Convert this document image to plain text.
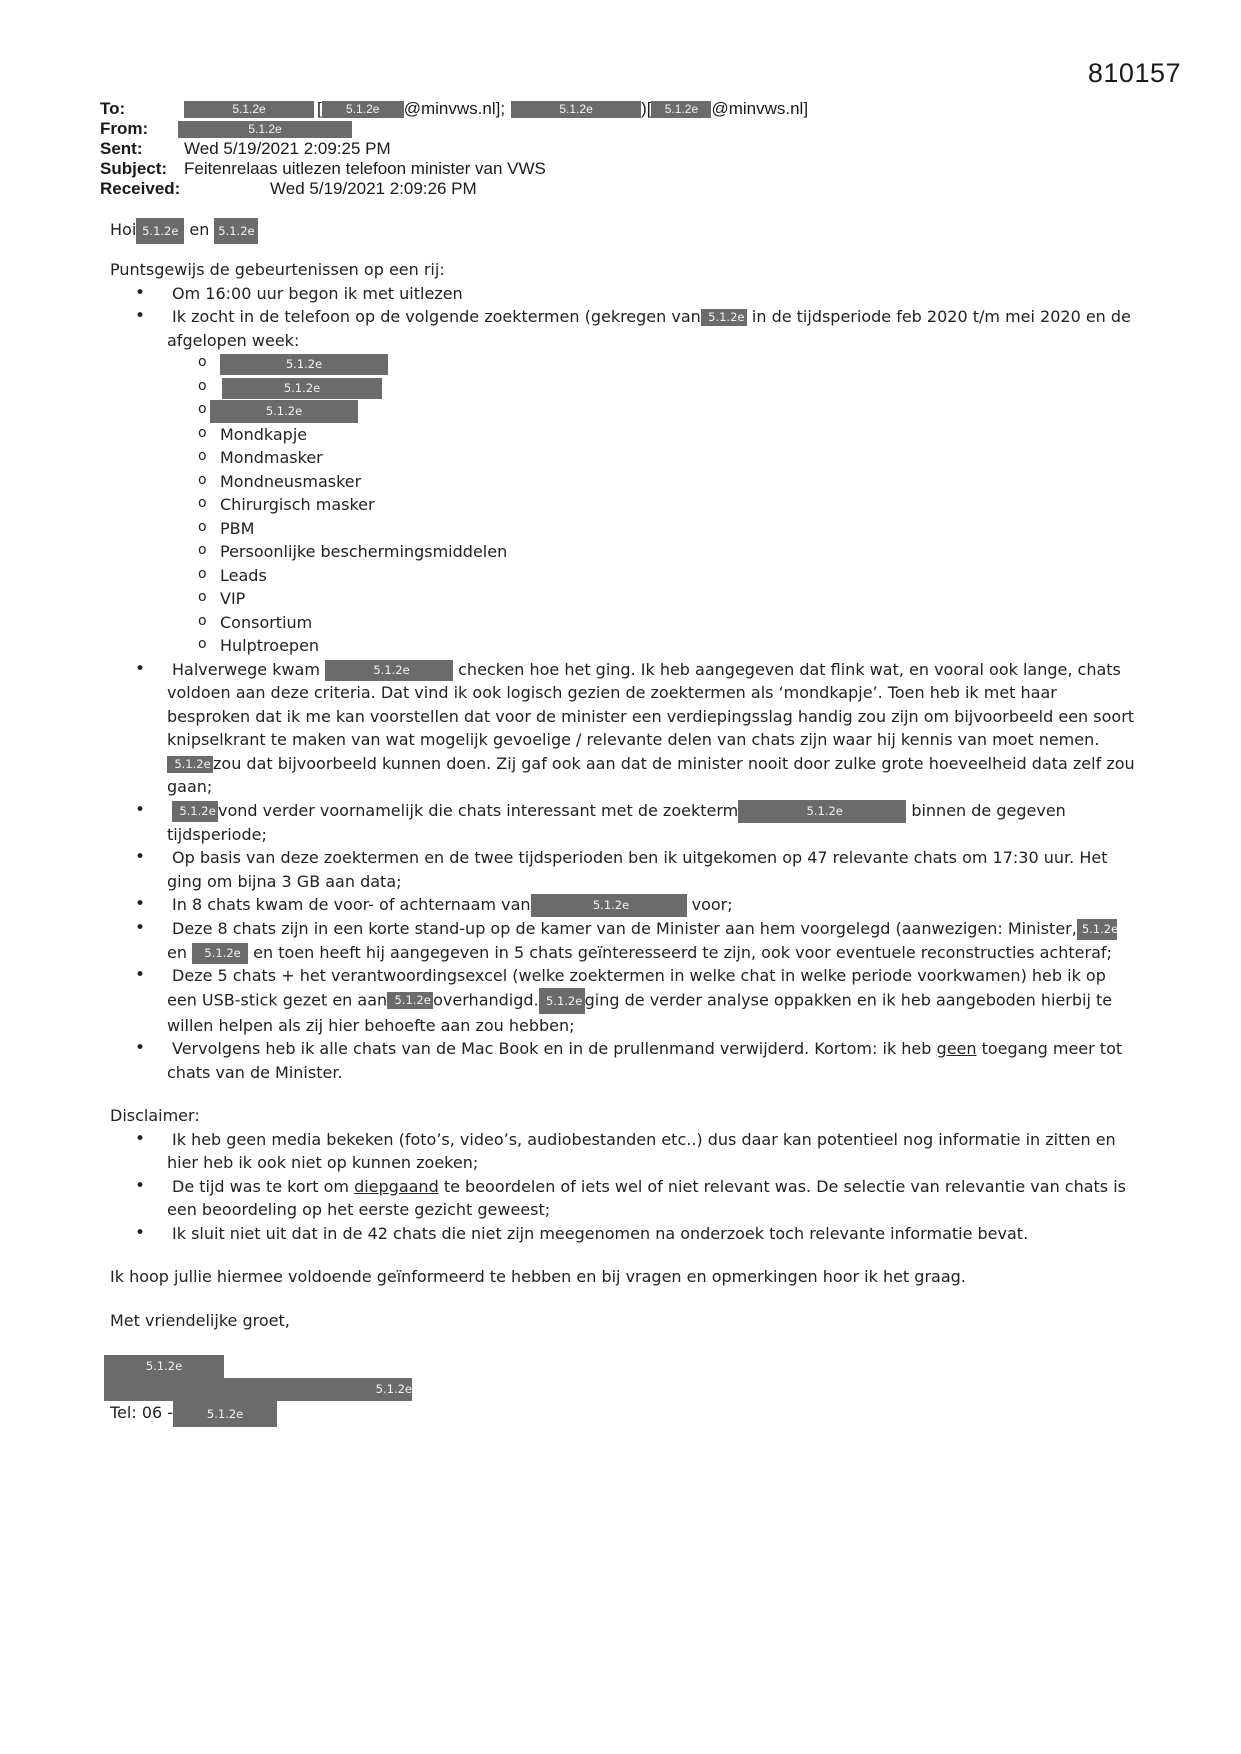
810157
To:	5.1.2e	[	5.1.2e	@minvws.nl];	5.1.2e	)[	5.1.2e @minvws.nl]
From:	5.1.2e
Sent:	Wed 5/19/2021 2:09:25 PM
Subject: Feitenrelaas uitlezen telefoon minister van VWS
Received:	Wed 5/19/2021 2:09:26 PM

Hoi 5.1.2e en 5.1.2e

Puntsgewijs de gebeurtenissen op een rij:

• Om 16:00 uur begon ik met uitlezen
• Ik zocht in de telefoon op de volgende zoektermen (gekregen van 5.1.2e in de tijdsperiode feb 2020 t/m mei 2020 en de afgelopen week:
o 5.1.2e
o 5.1.2e
o 5.1.2e
o Mondkapje
o Mondmasker
o Mondneusmasker
o Chirurgisch masker
o PBM
o Persoonlijke beschermingsmiddelen
o Leads
o VIP
o Consortium
o Hulptroepen
• Halverwege kwam	5.1.2e	checken hoe het ging. Ik heb aangegeven dat flink wat, en vooral ook lange, chats voldoen aan deze criteria. Dat vind ik ook logisch gezien de zoektermen als ‘mondkapje’. Toen heb ik met haar besproken dat ik me kan voorstellen dat voor de minister een verdiepingsslag handig zou zijn om bijvoorbeeld een soort knipselkrant te maken van wat mogelijk gevoelige / relevante delen van chats zijn waar hij kennis van moet nemen.5.1.2e zou dat bijvoorbeeld kunnen doen. Zij gaf ook aan dat de minister nooit door zulke grote hoeveelheid data zelf zou gaan;
• 5.1.2e vond verder voornamelijk die chats interessant met de zoekterm	5.1.2e	binnen de gegeven tijdsperiode;
• Op basis van deze zoektermen en de twee tijdsperioden ben ik uitgekomen op 47 relevante chats om 17:30 uur. Het ging om bijna 3 GB aan data;
• In 8 chats kwam de voor- of achternaam van	5.1.2e	voor;
• Deze 8 chats zijn in een korte stand-up op de kamer van de Minister aan hem voorgelegd (aanwezigen: Minister, 5.1.2e en 5.1.2e en toen heeft hij aangegeven in 5 chats geïnteresseerd te zijn, ook voor eventuele reconstructies achteraf;
• Deze 5 chats + het verantwoordingsexcel (welke zoektermen in welke chat in welke periode voorkwamen) heb ik op een USB-stick gezet en aan 5.1.2e overhandigd. 5.1.2e ging de verder analyse oppakken en ik heb aangeboden hierbij te willen helpen als zij hier behoefte aan zou hebben;
• Vervolgens heb ik alle chats van de Mac Book en in de prullenmand verwijderd. Kortom: ik heb geen toegang meer tot chats van de Minister.

Disclaimer:

• Ik heb geen media bekeken (foto’s, video’s, audiobestanden etc..) dus daar kan potentieel nog informatie in zitten en hier heb ik ook niet op kunnen zoeken;
• De tijd was te kort om diepgaand te beoordelen of iets wel of niet relevant was. De selectie van relevantie van chats is een beoordeling op het eerste gezicht geweest;
• Ik sluit niet uit dat in de 42 chats die niet zijn meegenomen na onderzoek toch relevante informatie bevat.

Ik hoop jullie hiermee voldoende geïnformeerd te hebben en bij vragen en opmerkingen hoor ik het graag.

Met vriendelijke groet,

5.1.2e
5.1.2e
Tel: 06 -	5.1.2e
